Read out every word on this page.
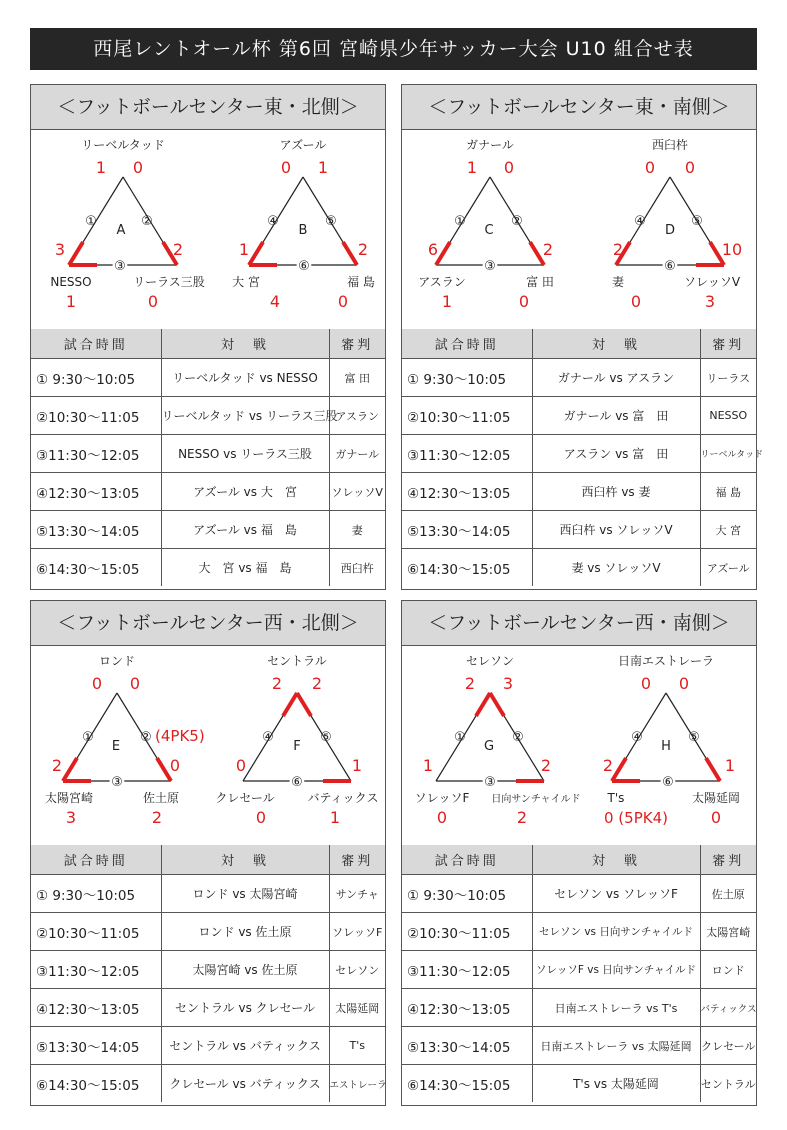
西尾レントオール杯 第6回 宮崎県少年サッカー大会 U10 組合せ表
＜フットボールセンター東・北側＞
リーベルタッド
1 0
①	②
A
③
3	2
NESSO	リーラス三股
1	0
アズール
0 1
④	⑤
B
⑥
1	2
大 宮	福 島
4	0
試合時間	対　戦	審判
① 9:30～10:05	リーベルタッド vs NESSO	富 田
②10:30～11:05	リーベルタッド vs リーラス三股	アスラン
③11:30～12:05	NESSO vs リーラス三股	ガナール
④12:30～13:05	アズール vs 大　宮	ソレッソV
⑤13:30～14:05	アズール vs 福　島	妻
⑥14:30～15:05	大　宮 vs 福　島	西臼杵
＜フットボールセンター東・南側＞
ガナール
1 0
①	②
C
③
6	2
アスラン	富 田
1	0
西臼杵
0 0
④	⑤
D
⑥
2	10
妻	ソレッソV
0	3
試合時間	対　戦	審判
① 9:30～10:05	ガナール vs アスラン	リーラス
②10:30～11:05	ガナール vs 富　田	NESSO
③11:30～12:05	アスラン vs 富　田	リーベルタッド
④12:30～13:05	西臼杵 vs 妻	福 島
⑤13:30～14:05	西臼杵 vs ソレッソV	大 宮
⑥14:30～15:05	妻 vs ソレッソV	アズール
＜フットボールセンター西・北側＞
ロンド
0 0
①	② (4PK5)
E
③
2	0
太陽宮崎	佐土原
3	2
セントラル
2 2
④	⑤
F
⑥
0	1
クレセール	バティックス
0	1
試合時間	対　戦	審判
① 9:30～10:05	ロンド vs 太陽宮崎	サンチャ
②10:30～11:05	ロンド vs 佐土原	ソレッソF
③11:30～12:05	太陽宮崎 vs 佐土原	セレソン
④12:30～13:05	セントラル vs クレセール	太陽延岡
⑤13:30～14:05	セントラル vs バティックス	T's
⑥14:30～15:05	クレセール vs バティックス	エストレーラ
＜フットボールセンター西・南側＞
セレソン
2 3
①	②
G
③
1	2
ソレッソF 日向サンチャイルド
0	2
日南エストレーラ
0 0
④	⑤
H
⑥
2	1
T's	太陽延岡
0 (5PK4)	0
試合時間	対　戦	審判
① 9:30～10:05	セレソン vs ソレッソF	佐土原
②10:30～11:05	セレソン vs 日向サンチャイルド	太陽宮崎
③11:30～12:05	ソレッソF vs 日向サンチャイルド	ロンド
④12:30～13:05	日南エストレーラ vs T's	バティックス
⑤13:30～14:05	日南エストレーラ vs 太陽延岡	クレセール
⑥14:30～15:05	T's vs 太陽延岡	セントラル
